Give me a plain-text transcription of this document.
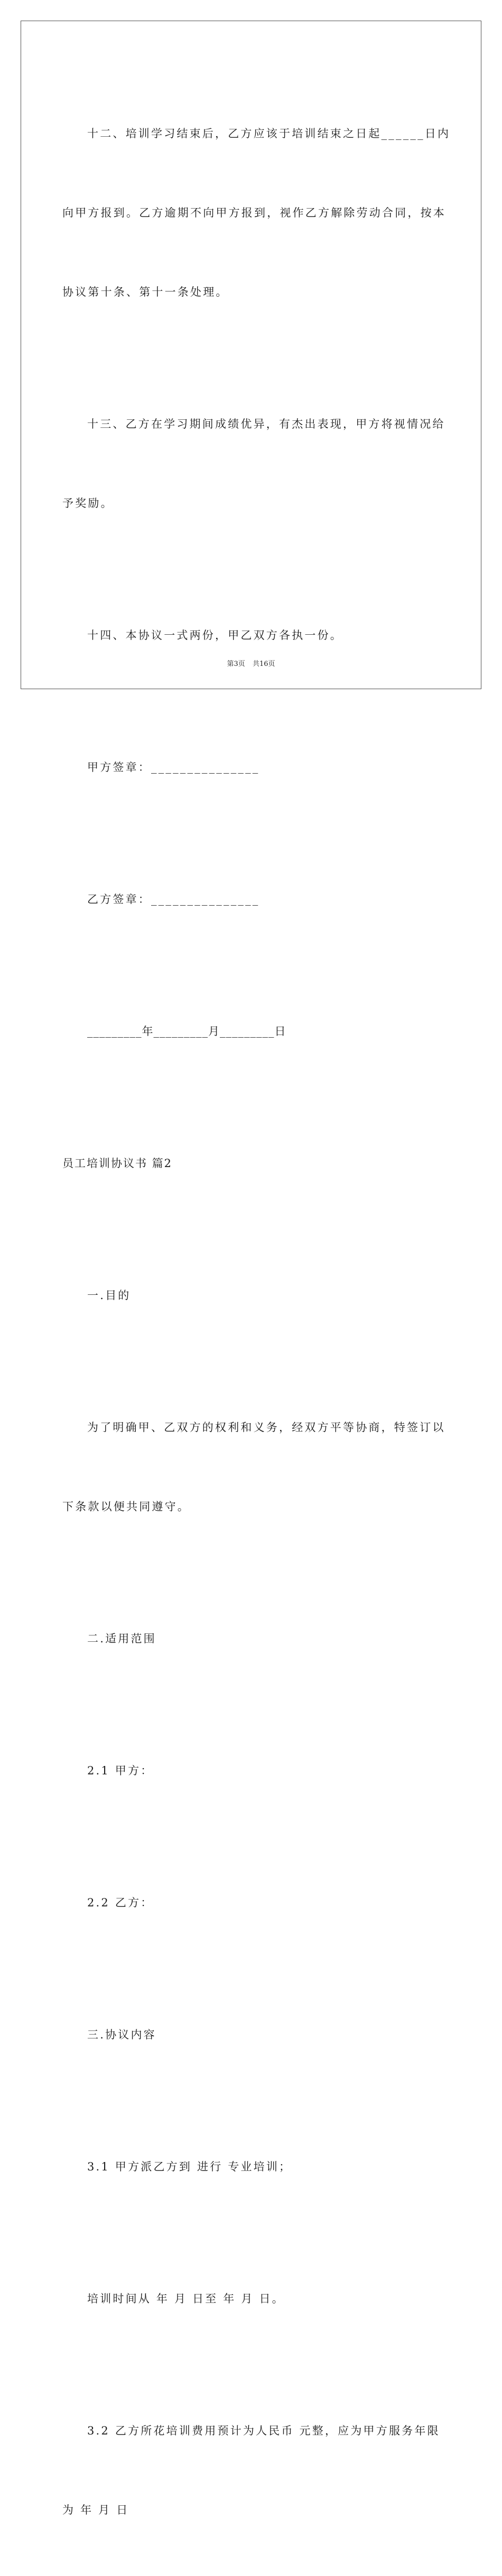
十二、培训学习结束后，乙方应该于培训结束之日起______日内

向甲方报到。乙方逾期不向甲方报到，视作乙方解除劳动合同，按本

协议第十条、第十一条处理。

十三、乙方在学习期间成绩优异，有杰出表现，甲方将视情况给

予奖励。

十四、本协议一式两份，甲乙双方各执一份。

甲方签章：_______________

乙方签章：_______________

_________年_________月_________日

员工培训协议书 篇2

一.目的

为了明确甲、乙双方的权利和义务，经双方平等协商，特签订以

下条款以便共同遵守。

二.适用范围

2.1 甲方：

2.2 乙方：

三.协议内容

3.1 甲方派乙方到 进行 专业培训；

培训时间从 年 月 日至 年 月 日。

3.2 乙方所花培训费用预计为人民币 元整，应为甲方服务年限

为 年 月 日

第3页 共16页
